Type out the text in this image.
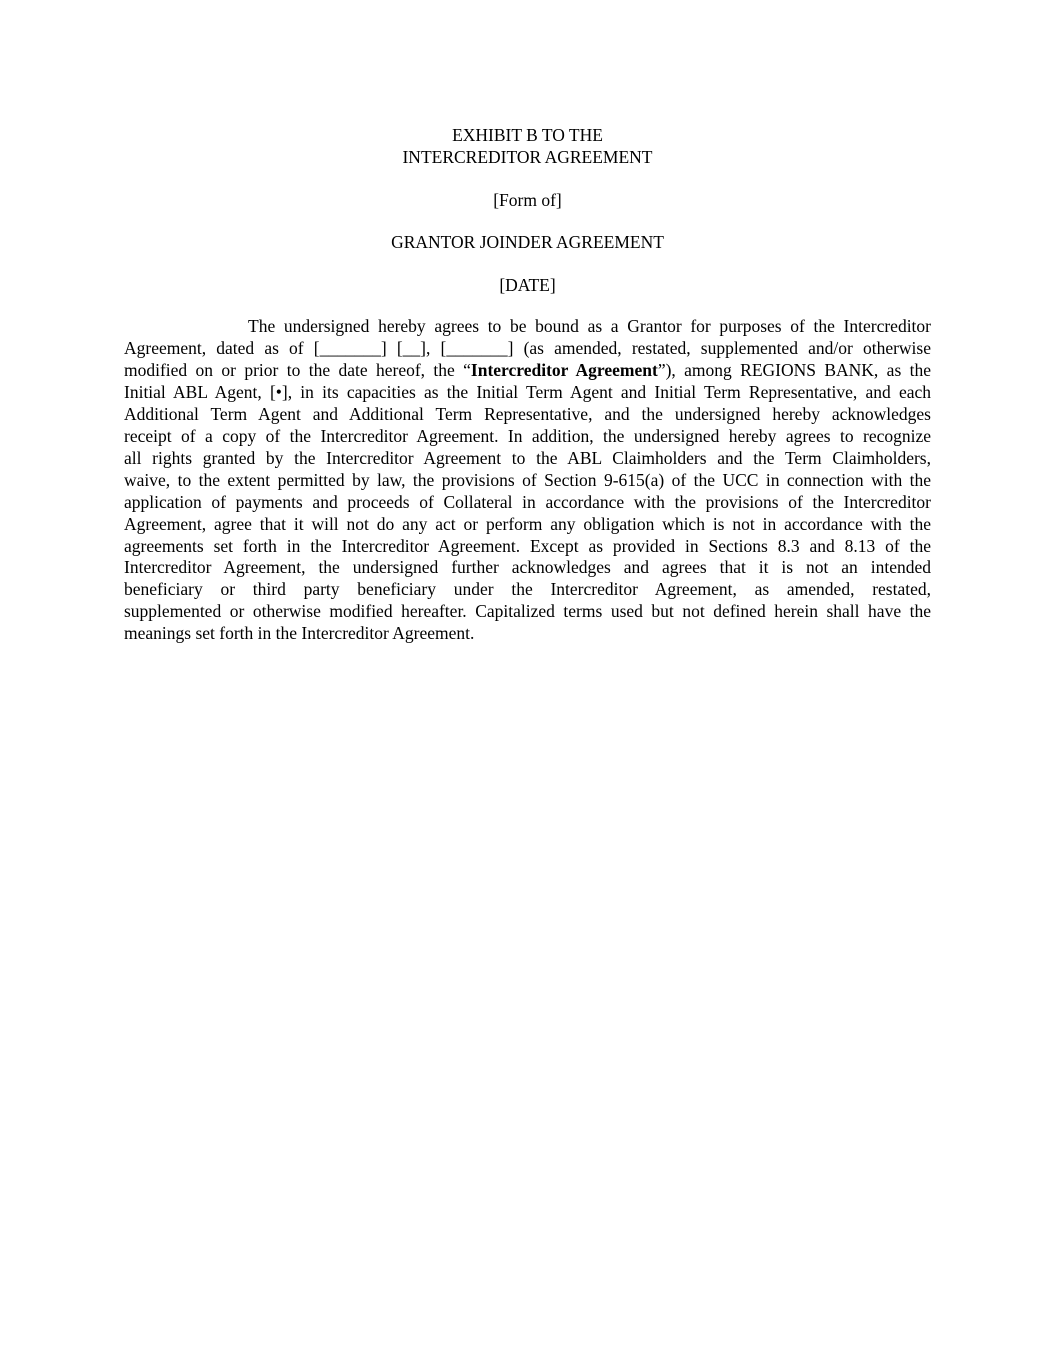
EXHIBIT B TO THE
INTERCREDITOR AGREEMENT
[Form of]
GRANTOR JOINDER AGREEMENT
[DATE]
The undersigned hereby agrees to be bound as a Grantor for purposes of the Intercreditor
Agreement, dated as of [_______] [__], [_______] (as amended, restated, supplemented and/or otherwise
modified on or prior to the date hereof, the “Intercreditor Agreement”), among REGIONS BANK, as the
Initial ABL Agent, [•], in its capacities as the Initial Term Agent and Initial Term Representative, and each
Additional Term Agent and Additional Term Representative, and the undersigned hereby acknowledges
receipt of a copy of the Intercreditor Agreement. In addition, the undersigned hereby agrees to recognize
all rights granted by the Intercreditor Agreement to the ABL Claimholders and the Term Claimholders,
waive, to the extent permitted by law, the provisions of Section 9-615(a) of the UCC in connection with the
application of payments and proceeds of Collateral in accordance with the provisions of the Intercreditor
Agreement, agree that it will not do any act or perform any obligation which is not in accordance with the
agreements set forth in the Intercreditor Agreement. Except as provided in Sections 8.3 and 8.13 of the
Intercreditor Agreement, the undersigned further acknowledges and agrees that it is not an intended
beneficiary or third party beneficiary under the Intercreditor Agreement, as amended, restated,
supplemented or otherwise modified hereafter. Capitalized terms used but not defined herein shall have the
meanings set forth in the Intercreditor Agreement.
